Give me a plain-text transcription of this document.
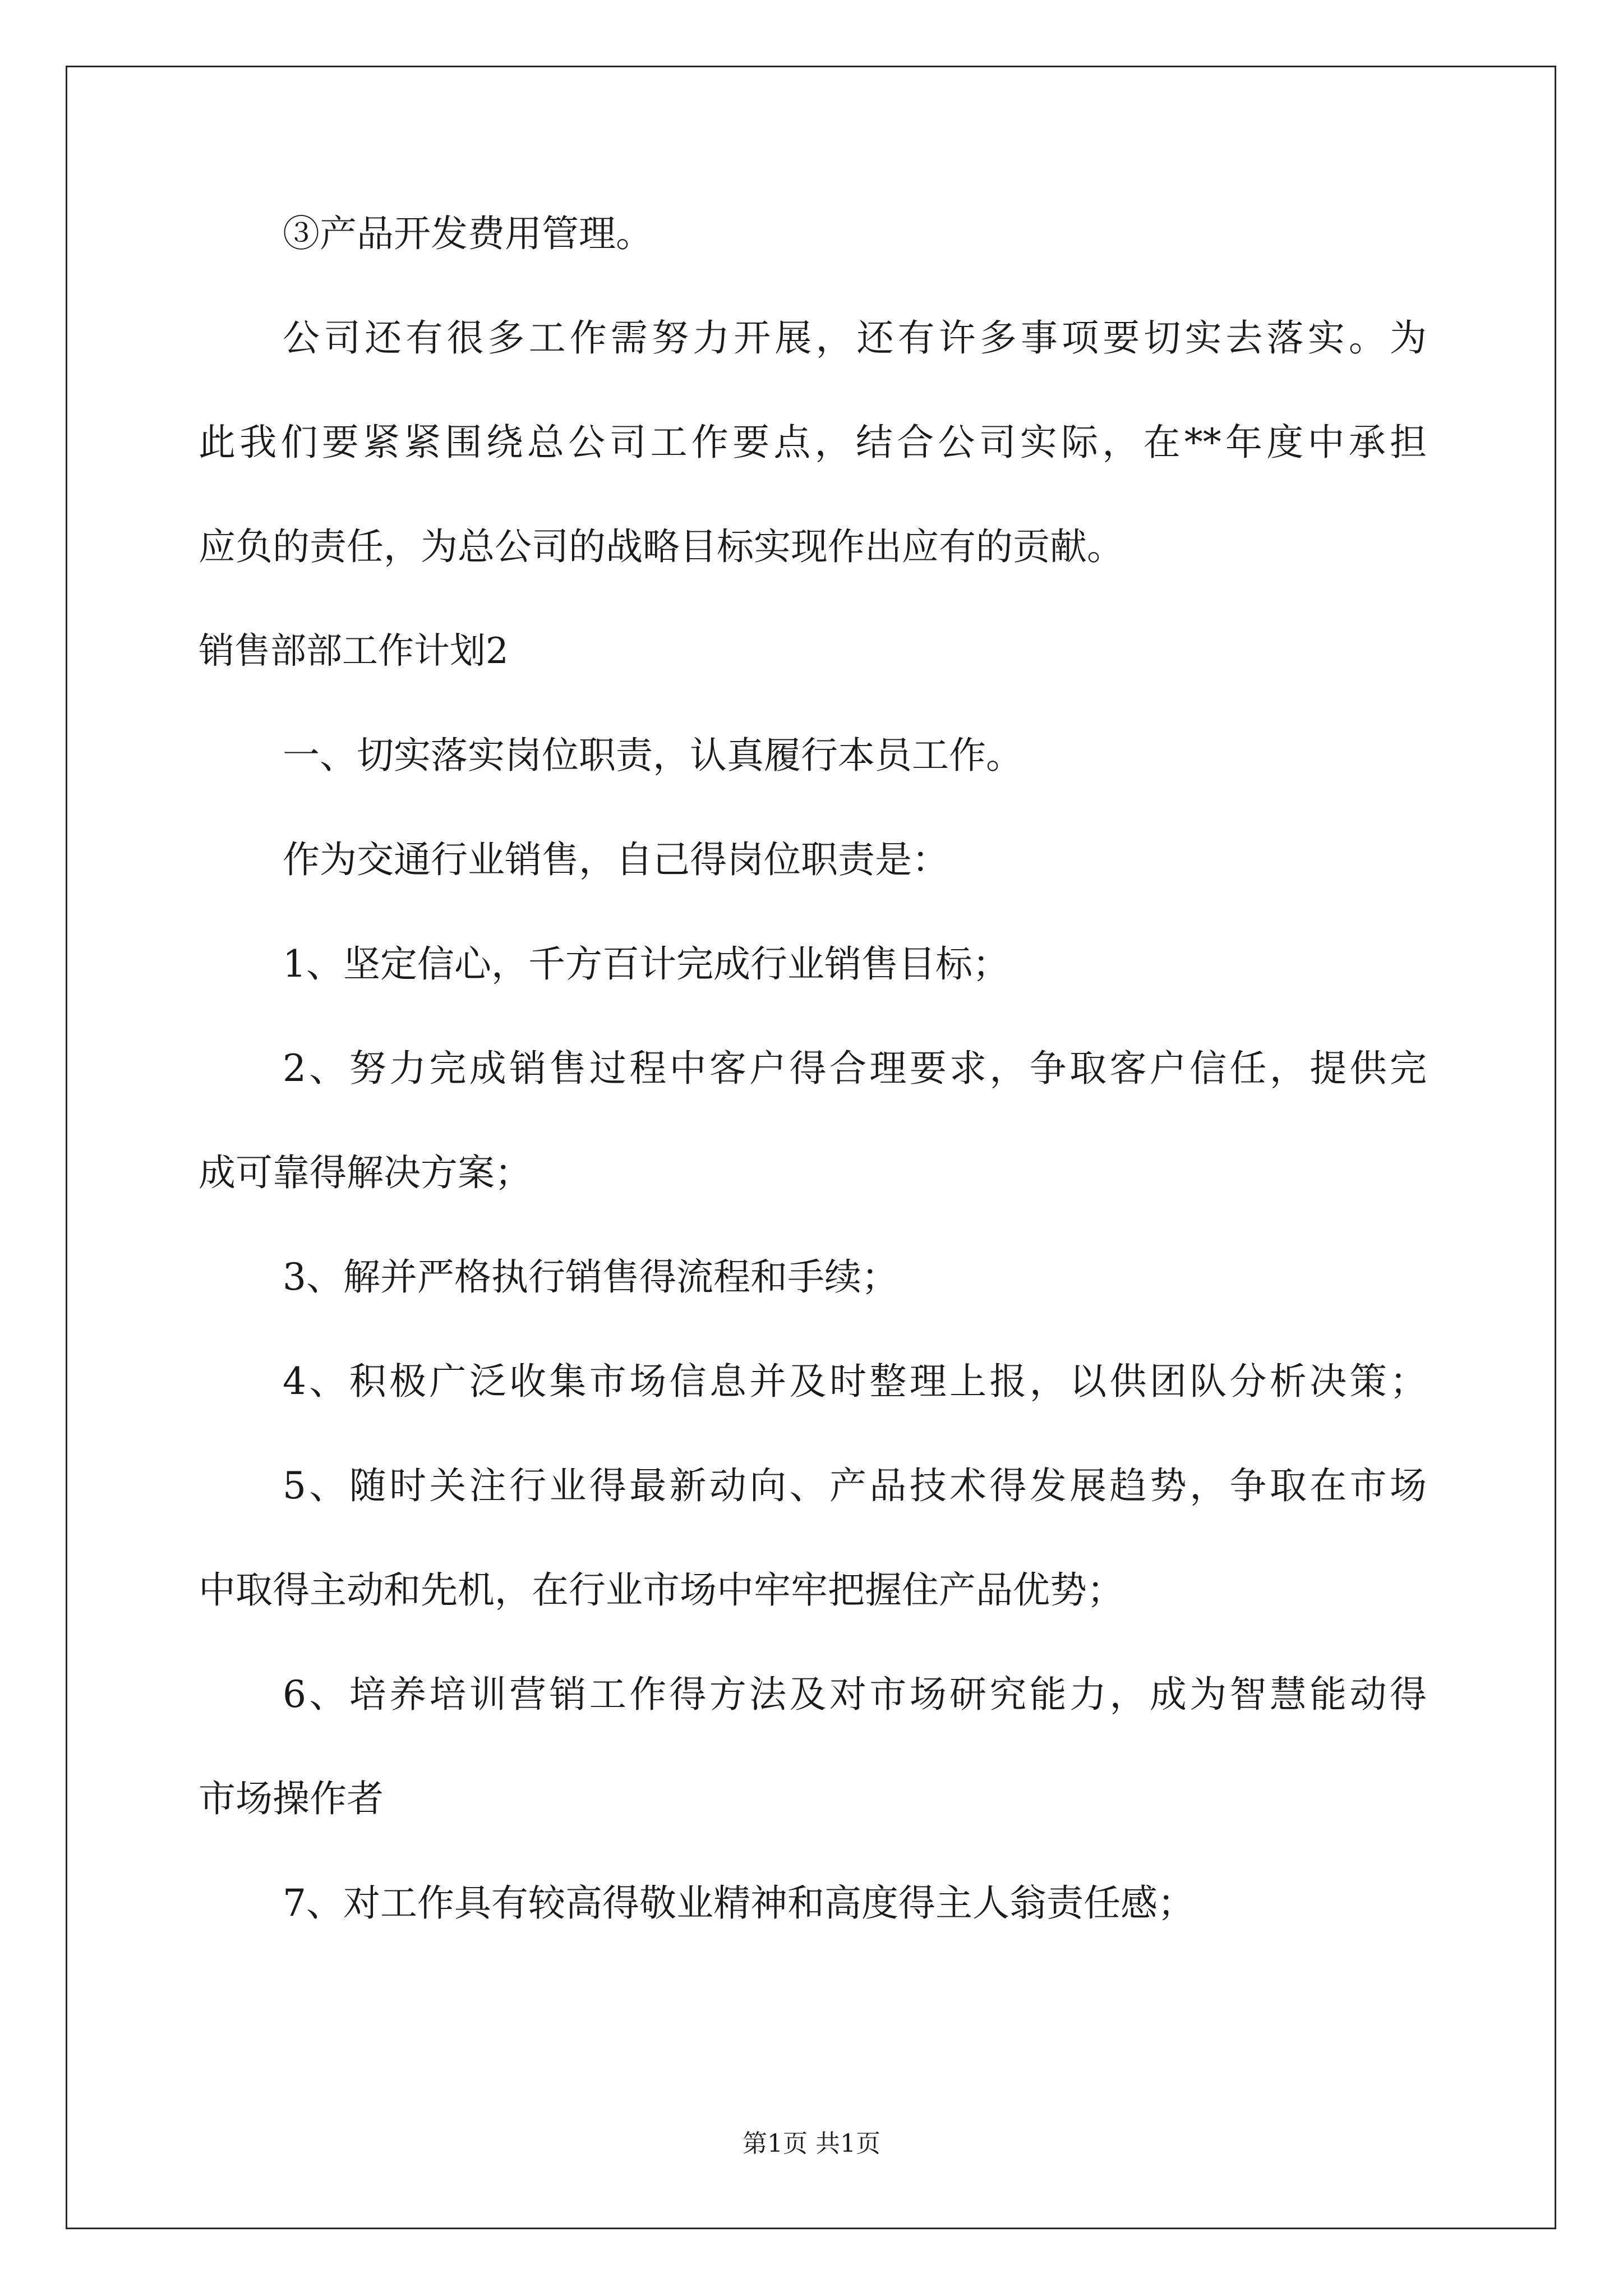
③产品开发费用管理。
公司还有很多工作需努力开展，还有许多事项要切实去落实。为
此我们要紧紧围绕总公司工作要点，结合公司实际，在**年度中承担
应负的责任，为总公司的战略目标实现作出应有的贡献。
销售部部工作计划2
一、切实落实岗位职责，认真履行本员工作。
作为交通行业销售，自己得岗位职责是：
1、坚定信心，千方百计完成行业销售目标；
2、努力完成销售过程中客户得合理要求，争取客户信任，提供完
成可靠得解决方案；
3、解并严格执行销售得流程和手续；
4、积极广泛收集市场信息并及时整理上报，以供团队分析决策；
5、随时关注行业得最新动向、产品技术得发展趋势，争取在市场
中取得主动和先机，在行业市场中牢牢把握住产品优势；
6、培养培训营销工作得方法及对市场研究能力，成为智慧能动得
市场操作者
7、对工作具有较高得敬业精神和高度得主人翁责任感；
第1页 共1页
